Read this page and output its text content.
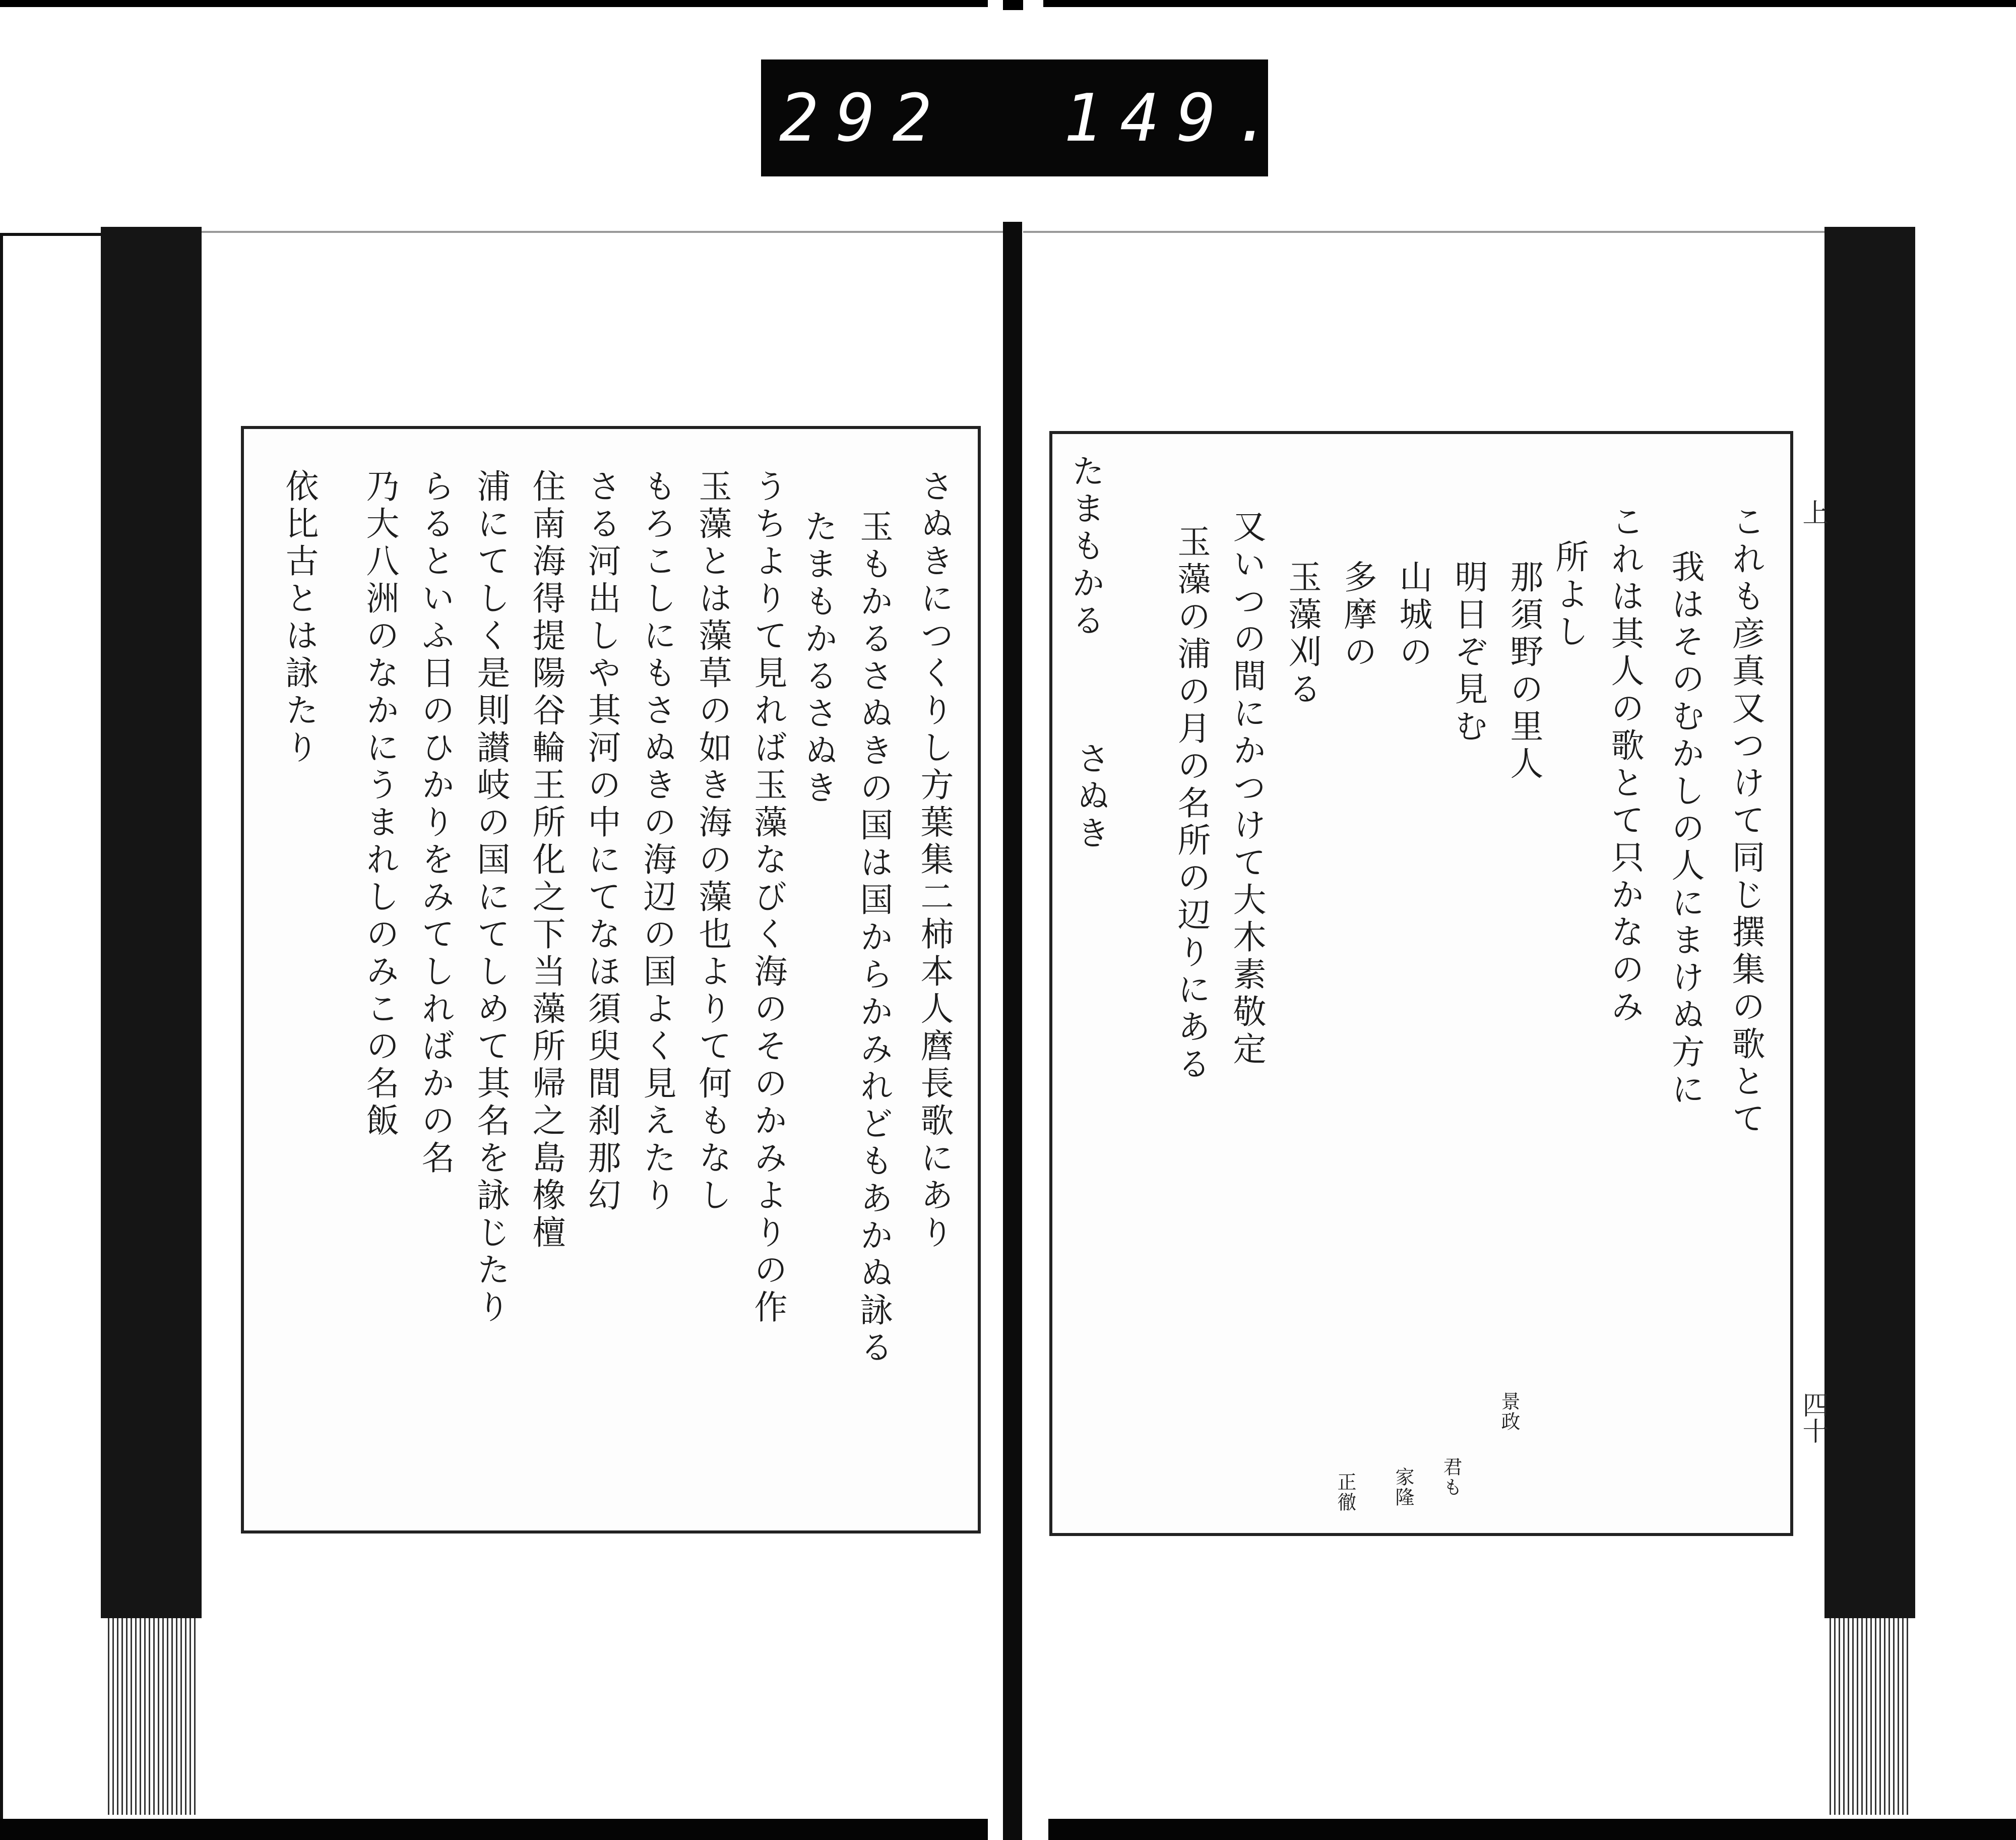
292 149.
さぬきにつくりし方葉集二柿本人麿長歌にあり
玉もかるさぬきの国は国からかみれどもあかぬ詠る
たまもかるさぬき
うちよりて見れば玉藻なびく海のそのかみよりの作
玉藻とは藻草の如き海の藻也よりて何もなし
もろこしにもさぬきの海辺の国よく見えたり
さる河出しや其河の中にてなほ須臾間刹那幻
住南海得提陽谷輪王所化之下当藻所帰之島橡檀
浦にてしく是則讃岐の国にてしめて其名を詠じたり
らるといふ日のひかりをみてしればかの名
乃大八洲のなかにうまれしのみこの名飯
依比古とは詠たり	上
四十
これも彦真又つけて同じ撰集の歌とて
我はそのむかしの人にまけぬ方に
これは其人の歌とて只かなのみ
所よし
那須野の里人
明日ぞ見む
山城の
多摩の
玉藻刈る
又いつの間にかつけて大木素敬定
玉藻の浦の月の名所の辺りにある
たまもかる
さぬき
景政
君も
家隆
正徹
